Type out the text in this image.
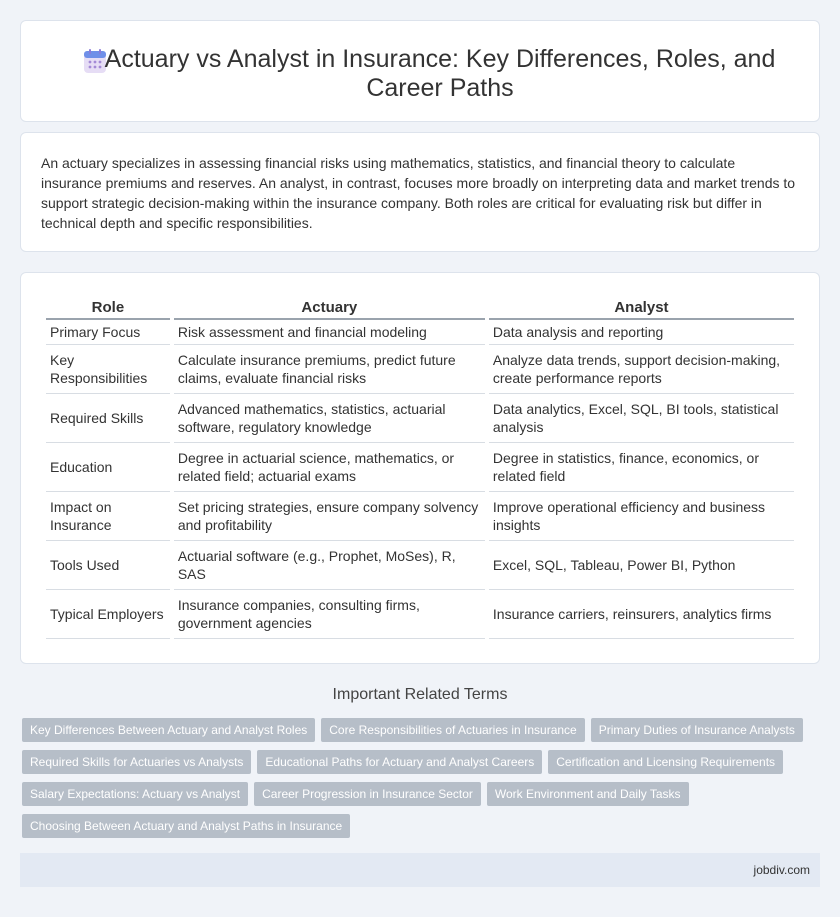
Actuary vs Analyst in Insurance: Key Differences, Roles, and Career Paths

An actuary specializes in assessing financial risks using mathematics, statistics, and financial theory to calculate insurance premiums and reserves. An analyst, in contrast, focuses more broadly on interpreting data and market trends to support strategic decision-making within the insurance company. Both roles are critical for evaluating risk but differ in technical depth and specific responsibilities.

Role	Actuary	Analyst
Primary Focus	Risk assessment and financial modeling	Data analysis and reporting
Key Responsibilities	Calculate insurance premiums, predict future claims, evaluate financial risks	Analyze data trends, support decision-making, create performance reports
Required Skills	Advanced mathematics, statistics, actuarial software, regulatory knowledge	Data analytics, Excel, SQL, BI tools, statistical analysis
Education	Degree in actuarial science, mathematics, or related field; actuarial exams	Degree in statistics, finance, economics, or related field
Impact on Insurance	Set pricing strategies, ensure company solvency and profitability	Improve operational efficiency and business insights
Tools Used	Actuarial software (e.g., Prophet, MoSes), R, SAS	Excel, SQL, Tableau, Power BI, Python
Typical Employers	Insurance companies, consulting firms, government agencies	Insurance carriers, reinsurers, analytics firms
Important Related Terms
Key Differences Between Actuary and Analyst Roles	Core Responsibilities of Actuaries in Insurance	Primary Duties of Insurance Analysts
Required Skills for Actuaries vs Analysts	Educational Paths for Actuary and Analyst Careers	Certification and Licensing Requirements
Salary Expectations: Actuary vs Analyst	Career Progression in Insurance Sector	Work Environment and Daily Tasks
Choosing Between Actuary and Analyst Paths in Insurance
jobdiv.com
